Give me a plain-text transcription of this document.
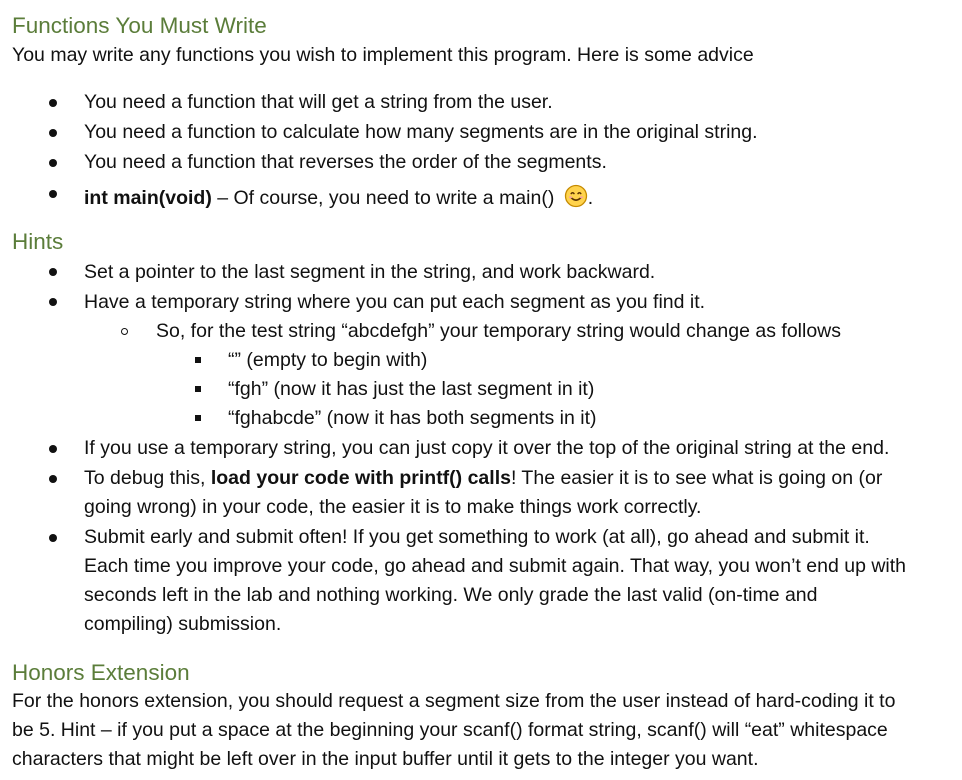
Functions You Must Write
You may write any functions you wish to implement this program. Here is some advice
You need a function that will get a string from the user.
You need a function to calculate how many segments are in the original string.
You need a function that reverses the order of the segments.
int main(void) – Of course, you need to write a main() .
Hints
Set a pointer to the last segment in the string, and work backward.
Have a temporary string where you can put each segment as you find it.
So, for the test string “abcdefgh” your temporary string would change as follows
“” (empty to begin with)
“fgh” (now it has just the last segment in it)
“fghabcde” (now it has both segments in it)
If you use a temporary string, you can just copy it over the top of the original string at the end.
To debug this, load your code with printf() calls! The easier it is to see what is going on (or
going wrong) in your code, the easier it is to make things work correctly.
Submit early and submit often! If you get something to work (at all), go ahead and submit it.
Each time you improve your code, go ahead and submit again. That way, you won’t end up with
seconds left in the lab and nothing working. We only grade the last valid (on-time and
compiling) submission.
Honors Extension
For the honors extension, you should request a segment size from the user instead of hard-coding it to
be 5. Hint – if you put a space at the beginning your scanf() format string, scanf() will “eat” whitespace
characters that might be left over in the input buffer until it gets to the integer you want.
